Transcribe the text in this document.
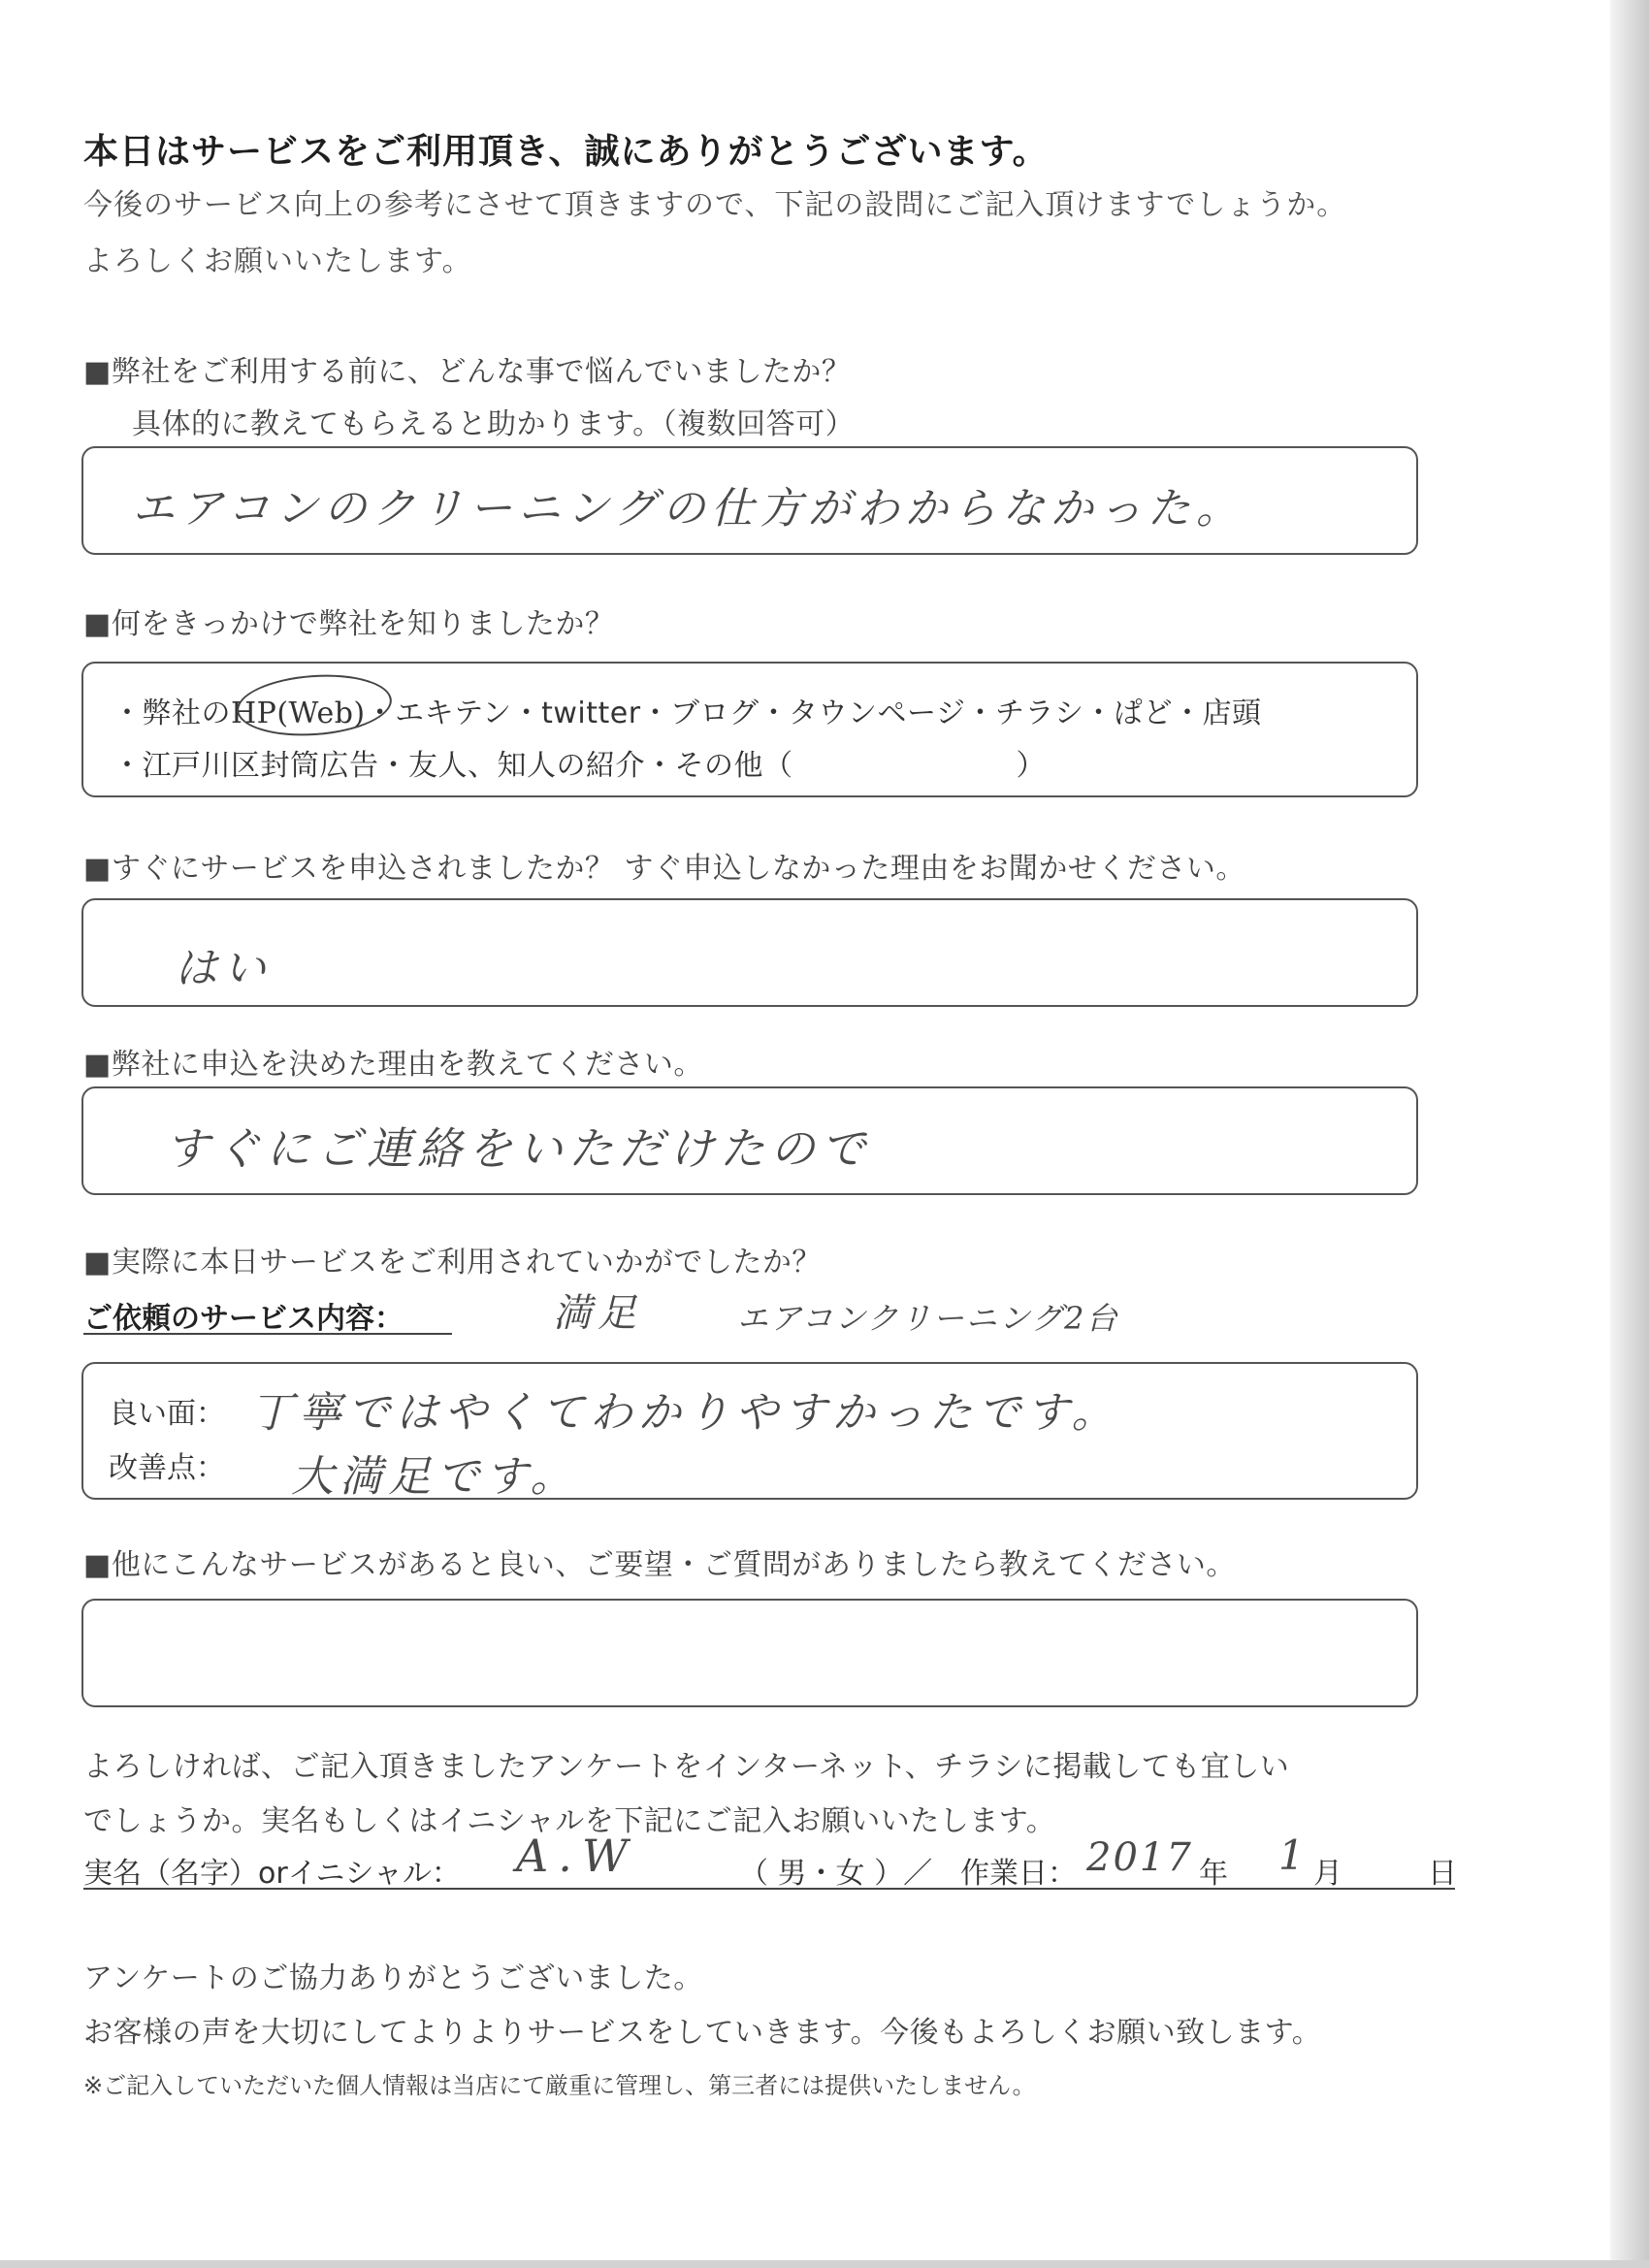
本日はサービスをご利用頂き、誠にありがとうございます。
今後のサービス向上の参考にさせて頂きますので、下記の設問にご記入頂けますでしょうか。
よろしくお願いいたします。
■弊社をご利用する前に、どんな事で悩んでいましたか？
具体的に教えてもらえると助かります。（複数回答可）
エアコンのクリーニングの仕方がわからなかった。
■何をきっかけで弊社を知りましたか？
・弊社のHP(Web)・エキテン・twitter・ブログ・タウンページ・チラシ・ぱど・店頭
・江戸川区封筒広告・友人、知人の紹介・その他（	）
■すぐにサービスを申込されましたか？ すぐ申込しなかった理由をお聞かせください。
はい
■弊社に申込を決めた理由を教えてください。
すぐにご連絡をいただけたので
■実際に本日サービスをご利用されていかがでしたか？
ご依頼のサービス内容：	満足	エアコンクリーニング2台
良い面： 丁寧ではやくてわかりやすかったです。
改善点： 大満足です。
■他にこんなサービスがあると良い、ご要望・ご質問がありましたら教えてください。
よろしければ、ご記入頂きましたアンケートをインターネット、チラシに掲載しても宜しい
でしょうか。実名もしくはイニシャルを下記にご記入お願いいたします。
実名（名字）orイニシャル： A.W	（ 男・女 ）／ 作業日： 2017 年 1 月	日
アンケートのご協力ありがとうございました。
お客様の声を大切にしてよりよりサービスをしていきます。今後もよろしくお願い致します。
※ご記入していただいた個人情報は当店にて厳重に管理し、第三者には提供いたしません。
